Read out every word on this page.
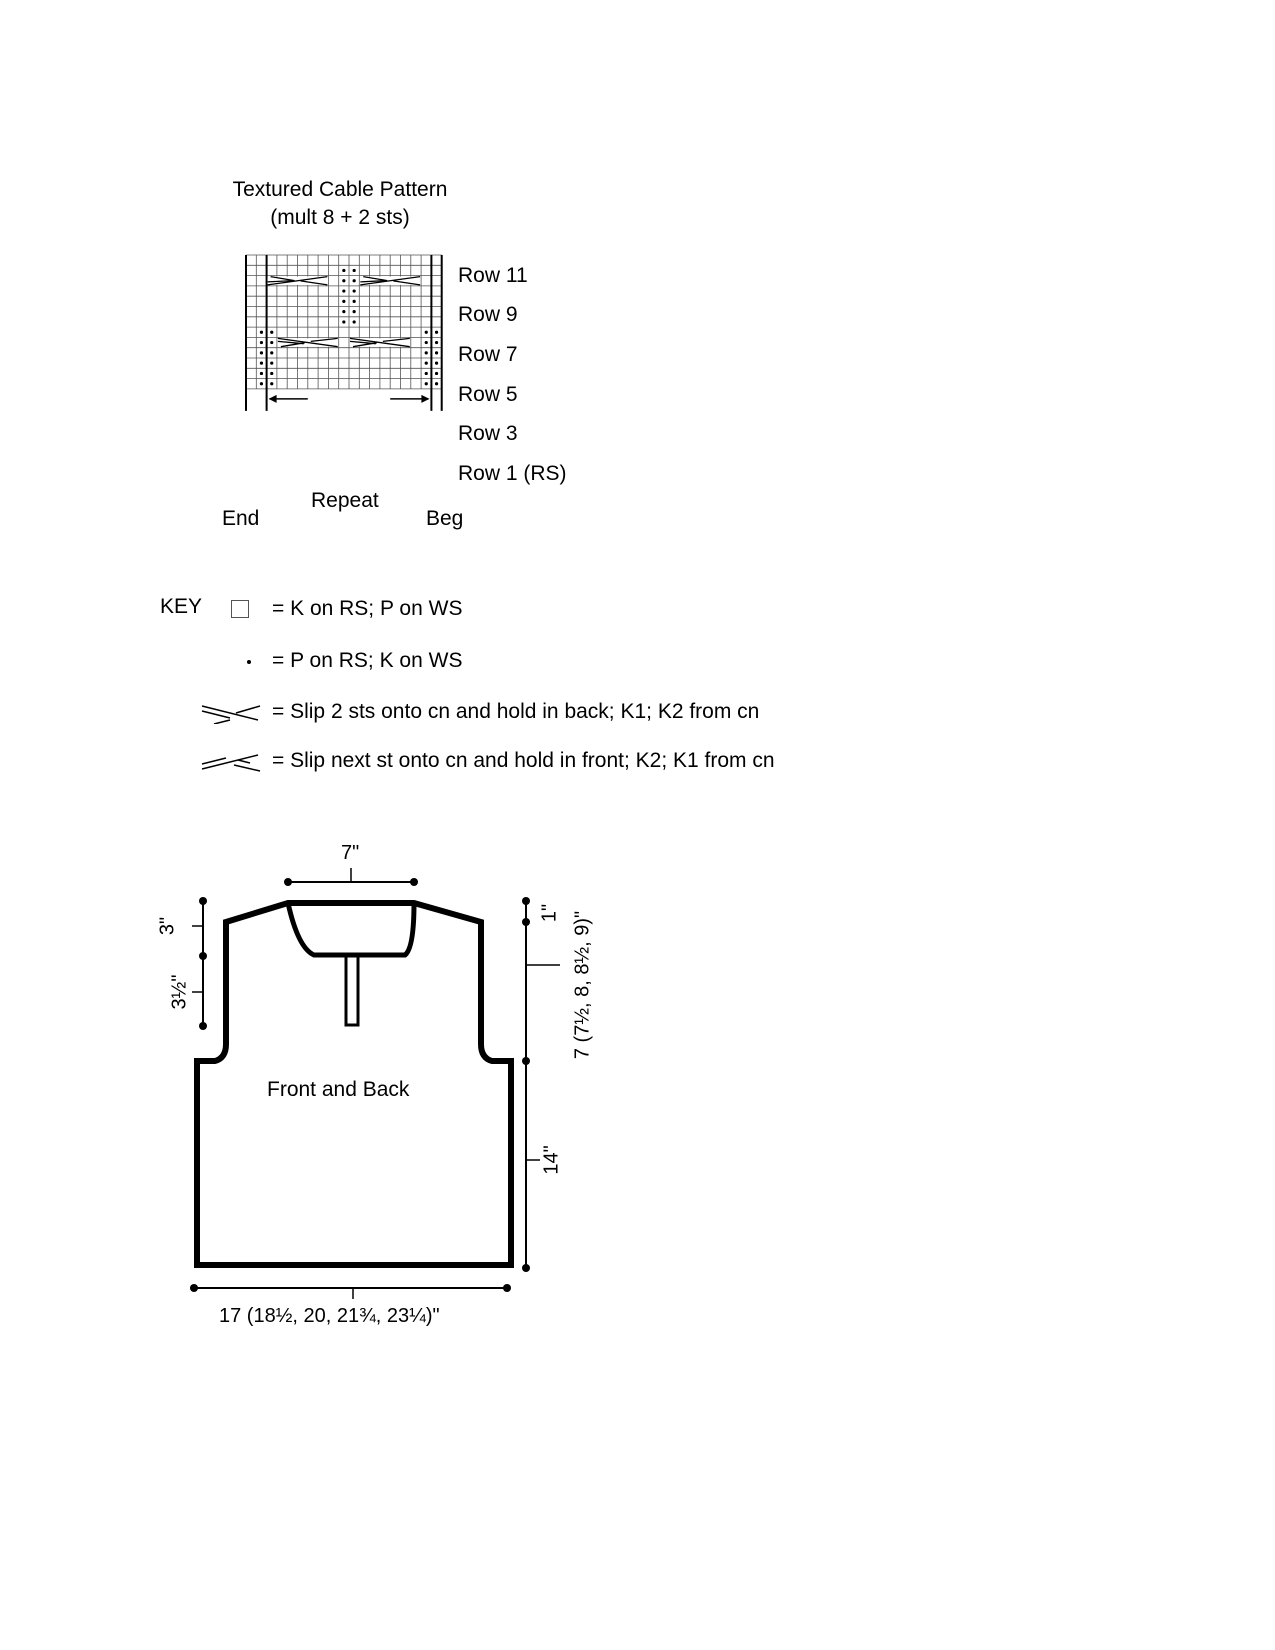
Textured Cable Pattern
(mult 8 + 2 sts)
Row 11
Row 9
Row 7
Row 5
Row 3
Row 1 (RS)
End	Beg
Repeat
KEY	= K on RS; P on WS
= P on RS; K on WS
= Slip 2 sts onto cn and hold in back; K1; K2 from cn
= Slip next st onto cn and hold in front; K2; K1 from cn
Front and Back
7"
17 (18½, 20, 21¾, 23¼)"
3"
3½"
1" 7 (7½, 8, 8½, 9)"
14"
